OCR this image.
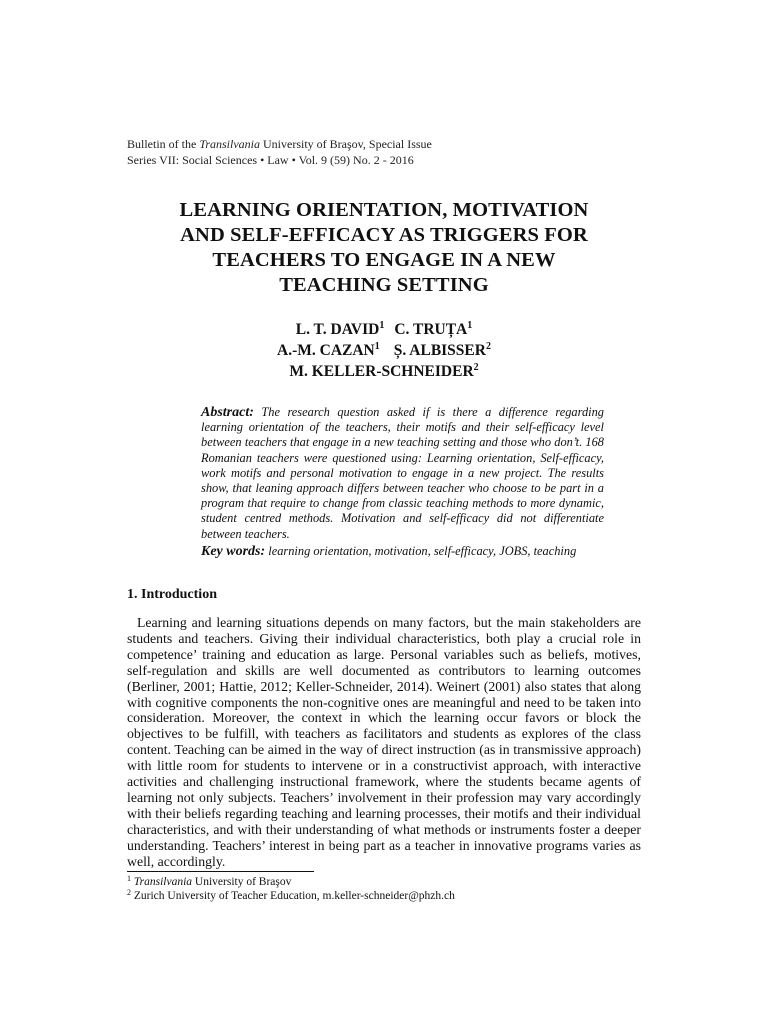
Bulletin of the Transilvania University of Braşov, Special Issue
Series VII: Social Sciences • Law • Vol. 9 (59) No. 2 - 2016
LEARNING ORIENTATION, MOTIVATION
AND SELF-EFFICACY AS TRIGGERS FOR
TEACHERS TO ENGAGE IN A NEW
TEACHING SETTING
L. T. DAVID$^1$ C. TRUȚA$^1$
A.-M. CAZAN$^1$ Ș. ALBISSER$^2$
M. KELLER-SCHNEIDER$^2$
Abstract: The research question asked if is there a difference regarding learning orientation of the teachers, their motifs and their self-efficacy level between teachers that engage in a new teaching setting and those who don’t. 168 Romanian teachers were questioned using: Learning orientation, Self-efficacy, work motifs and personal motivation to engage in a new project. The results show, that leaning approach differs between teacher who choose to be part in a program that require to change from classic teaching methods to more dynamic, student centred methods. Motivation and self-efficacy did not differentiate between teachers.
Key words: learning orientation, motivation, self-efficacy, JOBS, teaching
1. Introduction

Learning and learning situations depends on many factors, but the main stakeholders are students and teachers. Giving their individual characteristics, both play a crucial role in competence’ training and education as large. Personal variables such as beliefs, motives, self-regulation and skills are well documented as contributors to learning outcomes (Berliner, 2001; Hattie, 2012; Keller-Schneider, 2014). Weinert (2001) also states that along with cognitive components the non-cognitive ones are meaningful and need to be taken into consideration. Moreover, the context in which the learning occur favors or block the objectives to be fulfill, with teachers as facilitators and students as explores of the class content. Teaching can be aimed in the way of direct instruction (as in transmissive approach) with little room for students to intervene or in a constructivist approach, with interactive activities and challenging instructional framework, where the students became agents of learning not only subjects. Teachers’ involvement in their profession may vary accordingly with their beliefs regarding teaching and learning processes, their motifs and their individual characteristics, and with their understanding of what methods or instruments foster a deeper understanding. Teachers’ interest in being part as a teacher in innovative programs varies as well, accordingly.

$^1$ Transilvania University of Braşov
$^2$ Zurich University of Teacher Education, m.keller-schneider@phzh.ch
